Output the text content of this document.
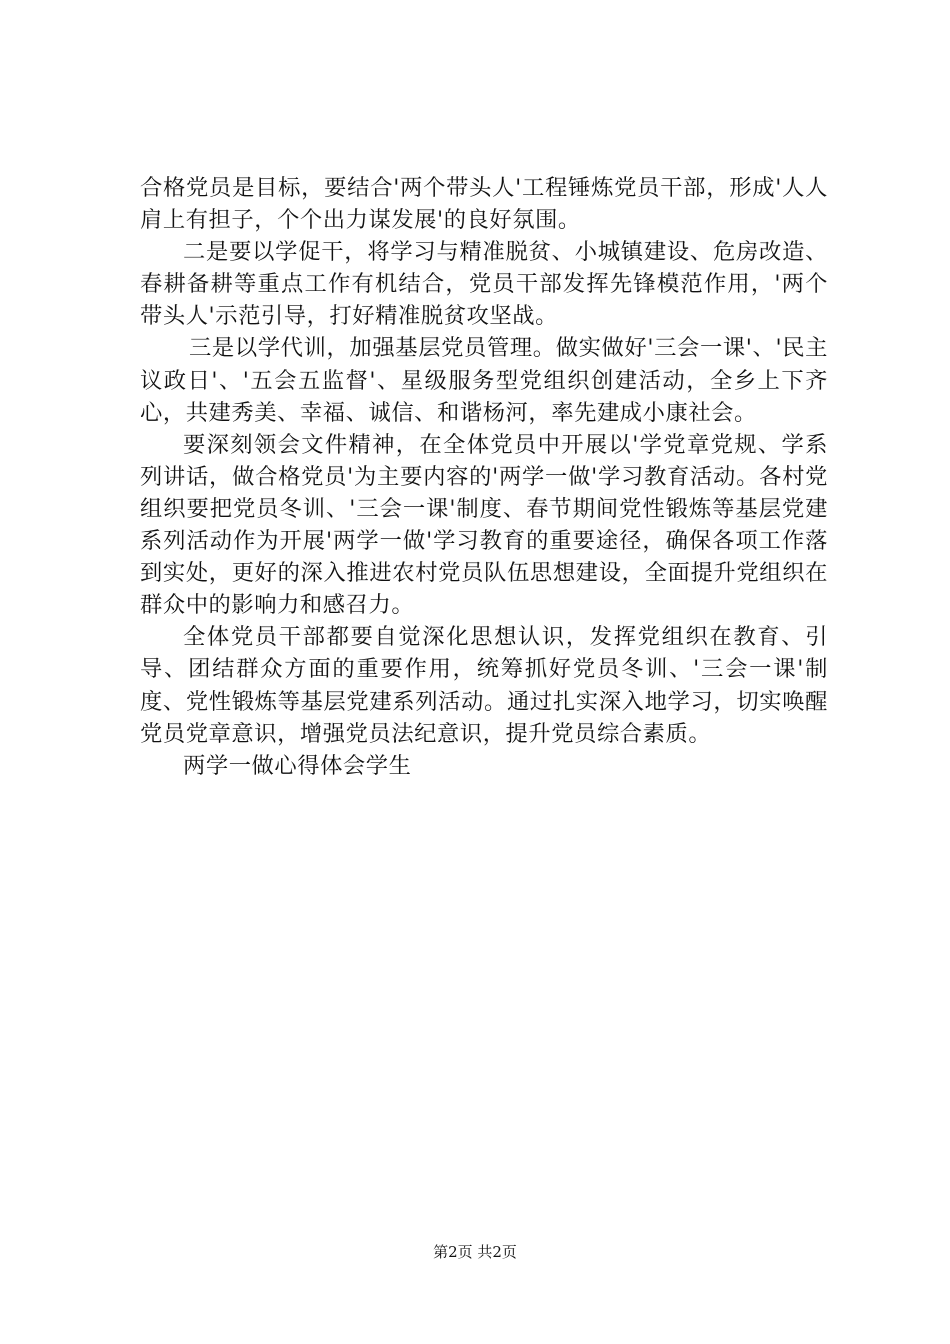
合格党员是目标，要结合'两个带头人'工程锤炼党员干部，形成'人人肩上有担子，个个出力谋发展'的良好氛围。

二是要以学促干，将学习与精准脱贫、小城镇建设、危房改造、春耕备耕等重点工作有机结合，党员干部发挥先锋模范作用，'两个带头人'示范引导，打好精准脱贫攻坚战。

三是以学代训，加强基层党员管理。做实做好'三会一课'、'民主议政日'、'五会五监督'、星级服务型党组织创建活动，全乡上下齐心，共建秀美、幸福、诚信、和谐杨河，率先建成小康社会。

要深刻领会文件精神，在全体党员中开展以'学党章党规、学系列讲话，做合格党员'为主要内容的'两学一做'学习教育活动。各村党组织要把党员冬训、'三会一课'制度、春节期间党性锻炼等基层党建系列活动作为开展'两学一做'学习教育的重要途径，确保各项工作落到实处，更好的深入推进农村党员队伍思想建设，全面提升党组织在群众中的影响力和感召力。

全体党员干部都要自觉深化思想认识，发挥党组织在教育、引导、团结群众方面的重要作用，统筹抓好党员冬训、'三会一课'制度、党性锻炼等基层党建系列活动。通过扎实深入地学习，切实唤醒党员党章意识，增强党员法纪意识，提升党员综合素质。

两学一做心得体会学生

第2页 共2页
